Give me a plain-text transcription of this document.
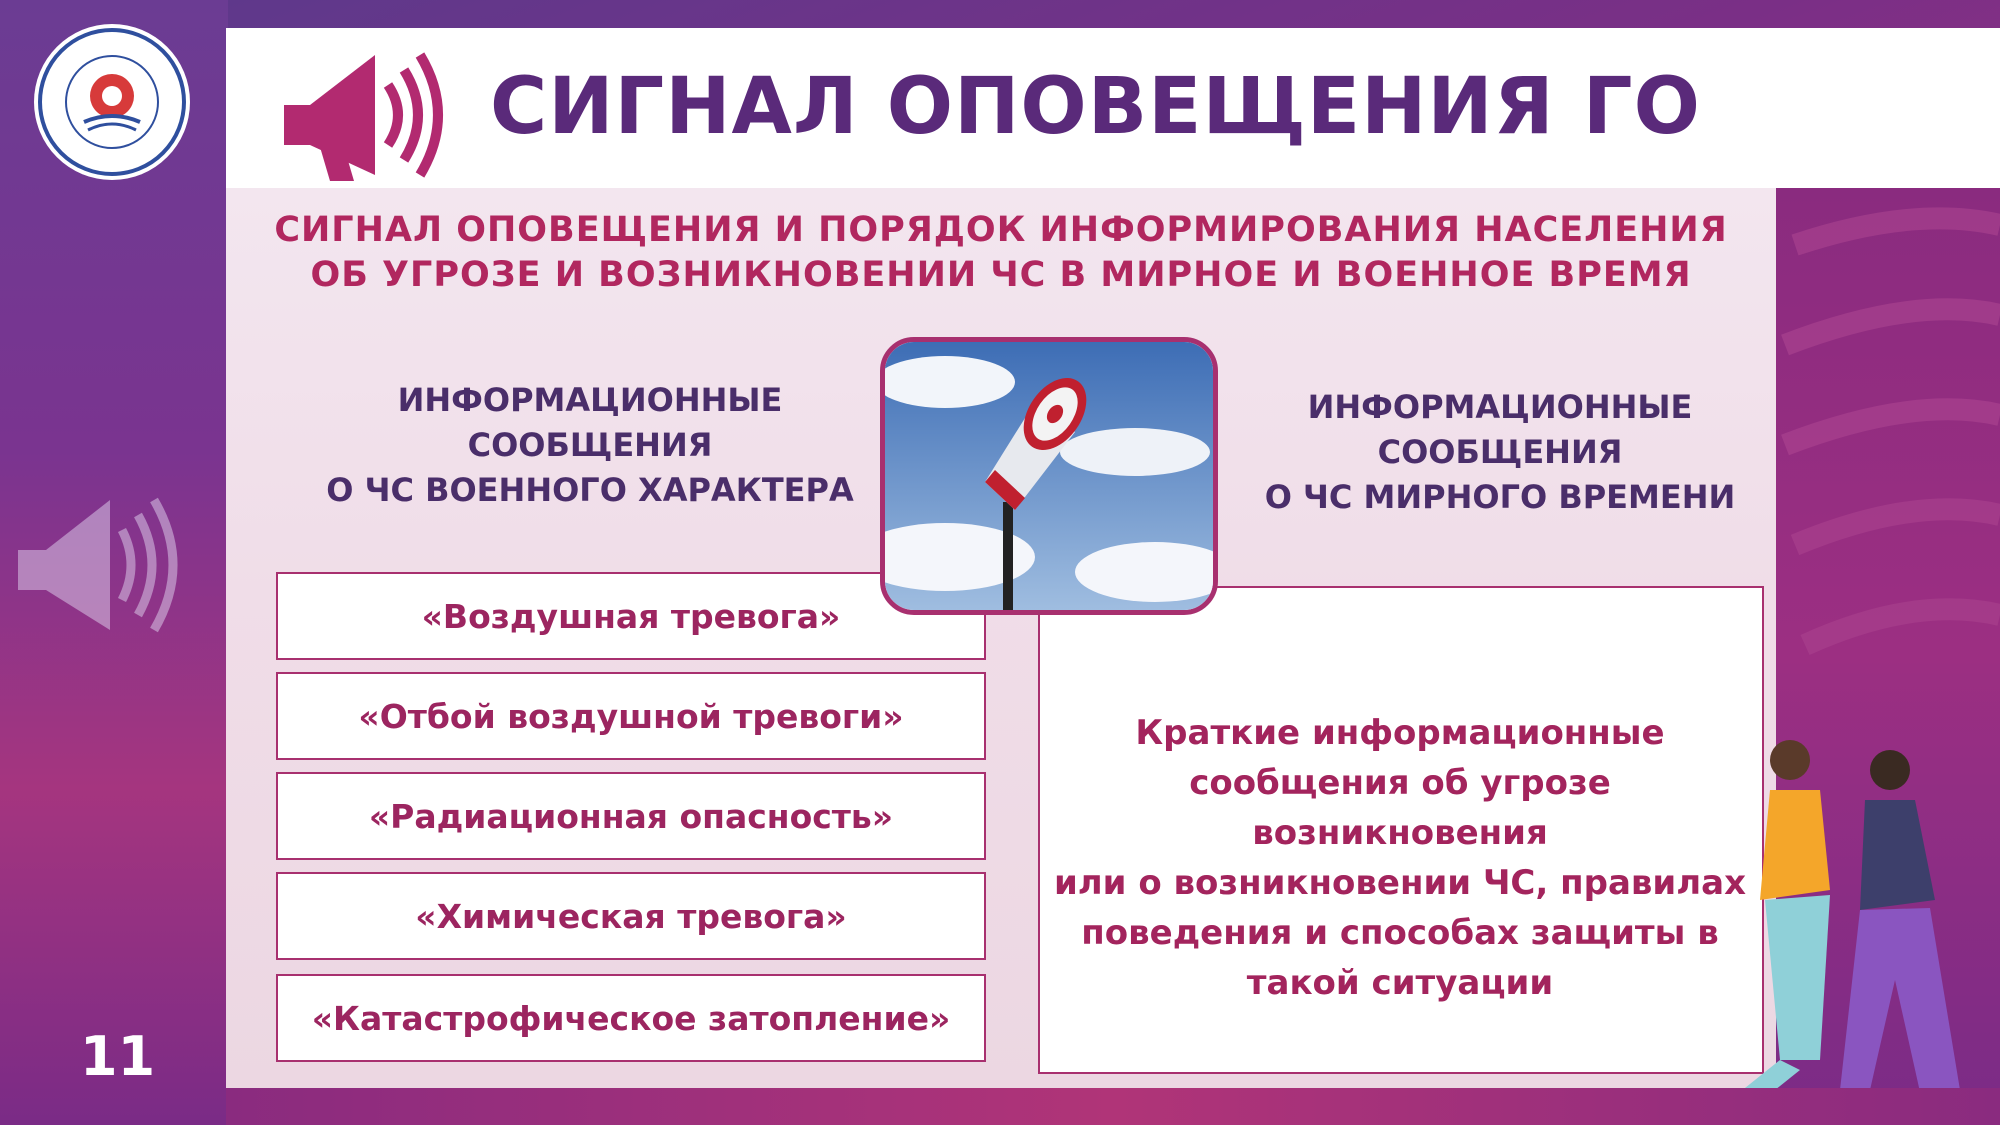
СИГНАЛ ОПОВЕЩЕНИЯ ГО
СИГНАЛ ОПОВЕЩЕНИЯ И ПОРЯДОК ИНФОРМИРОВАНИЯ НАСЕЛЕНИЯ
ОБ УГРОЗЕ И ВОЗНИКНОВЕНИИ ЧС В МИРНОЕ И ВОЕННОЕ ВРЕМЯ
ИНФОРМАЦИОННЫЕ
СООБЩЕНИЯ
О ЧС ВОЕННОГО ХАРАКТЕРА
ИНФОРМАЦИОННЫЕ
СООБЩЕНИЯ
О ЧС МИРНОГО ВРЕМЕНИ
«Воздушная тревога»
«Отбой воздушной тревоги»
«Радиационная опасность»
«Химическая тревога»
«Катастрофическое затопление»
Краткие информационные
сообщения об угрозе возникновения
или о возникновении ЧС, правилах
поведения и способах защиты в
такой ситуации
11
